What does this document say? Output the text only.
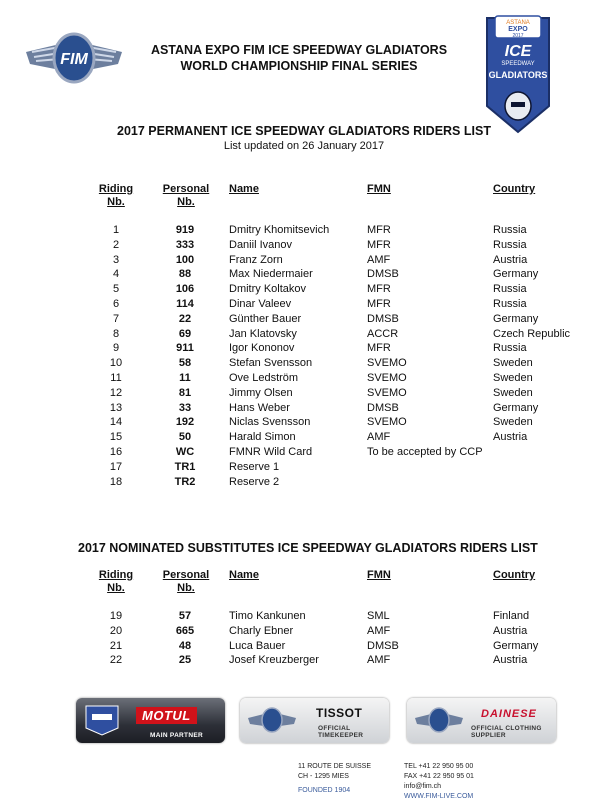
FIM
ASTANA EXPO FIM ICE SPEEDWAY GLADIATORS
WORLD CHAMPIONSHIP FINAL SERIES
ASTANA
EXPO
2017
ICE
SPEEDWAY
GLADIATORS
2017 PERMANENT ICE SPEEDWAY GLADIATORS RIDERS LIST
List updated on 26 January 2017
Riding
Nb.
Personal
Nb.
Name	FMN	Country
1	919	Dmitry Khomitsevich	MFR	Russia
2	333	Daniil Ivanov	MFR	Russia
3	100	Franz Zorn	AMF	Austria
4	88	Max Niedermaier	DMSB	Germany
5	106	Dmitry Koltakov	MFR	Russia
6	114	Dinar Valeev	MFR	Russia
7	22	Günther Bauer	DMSB	Germany
8	69	Jan Klatovsky	ACCR	Czech Republic
9	911	Igor Kononov	MFR	Russia
10	58	Stefan Svensson	SVEMO	Sweden
11	11	Ove Ledström	SVEMO	Sweden
12	81	Jimmy Olsen	SVEMO	Sweden
13	33	Hans Weber	DMSB	Germany
14	192	Niclas Svensson	SVEMO	Sweden
15	50	Harald Simon	AMF	Austria
16	WC	FMNR Wild Card	To be accepted by CCP
17	TR1	Reserve 1
18	TR2	Reserve 2
2017 NOMINATED SUBSTITUTES ICE SPEEDWAY GLADIATORS RIDERS LIST
Riding
Nb.
Personal
Nb.
Name	FMN	Country
19	57	Timo Kankunen	SML	Finland
20	665	Charly Ebner	AMF	Austria
21	48	Luca Bauer	DMSB	Germany
22	25	Josef Kreuzberger	AMF	Austria
MOTUL
MAIN PARTNER
TISSOT
OFFICIAL TIMEKEEPER
DAINESE
OFFICIAL CLOTHING SUPPLIER
11 ROUTE DE SUISSE
CH - 1295 MIES
FOUNDED 1904
TEL +41 22 950 95 00
FAX +41 22 950 95 01
info@fim.ch
WWW.FIM-LIVE.COM
